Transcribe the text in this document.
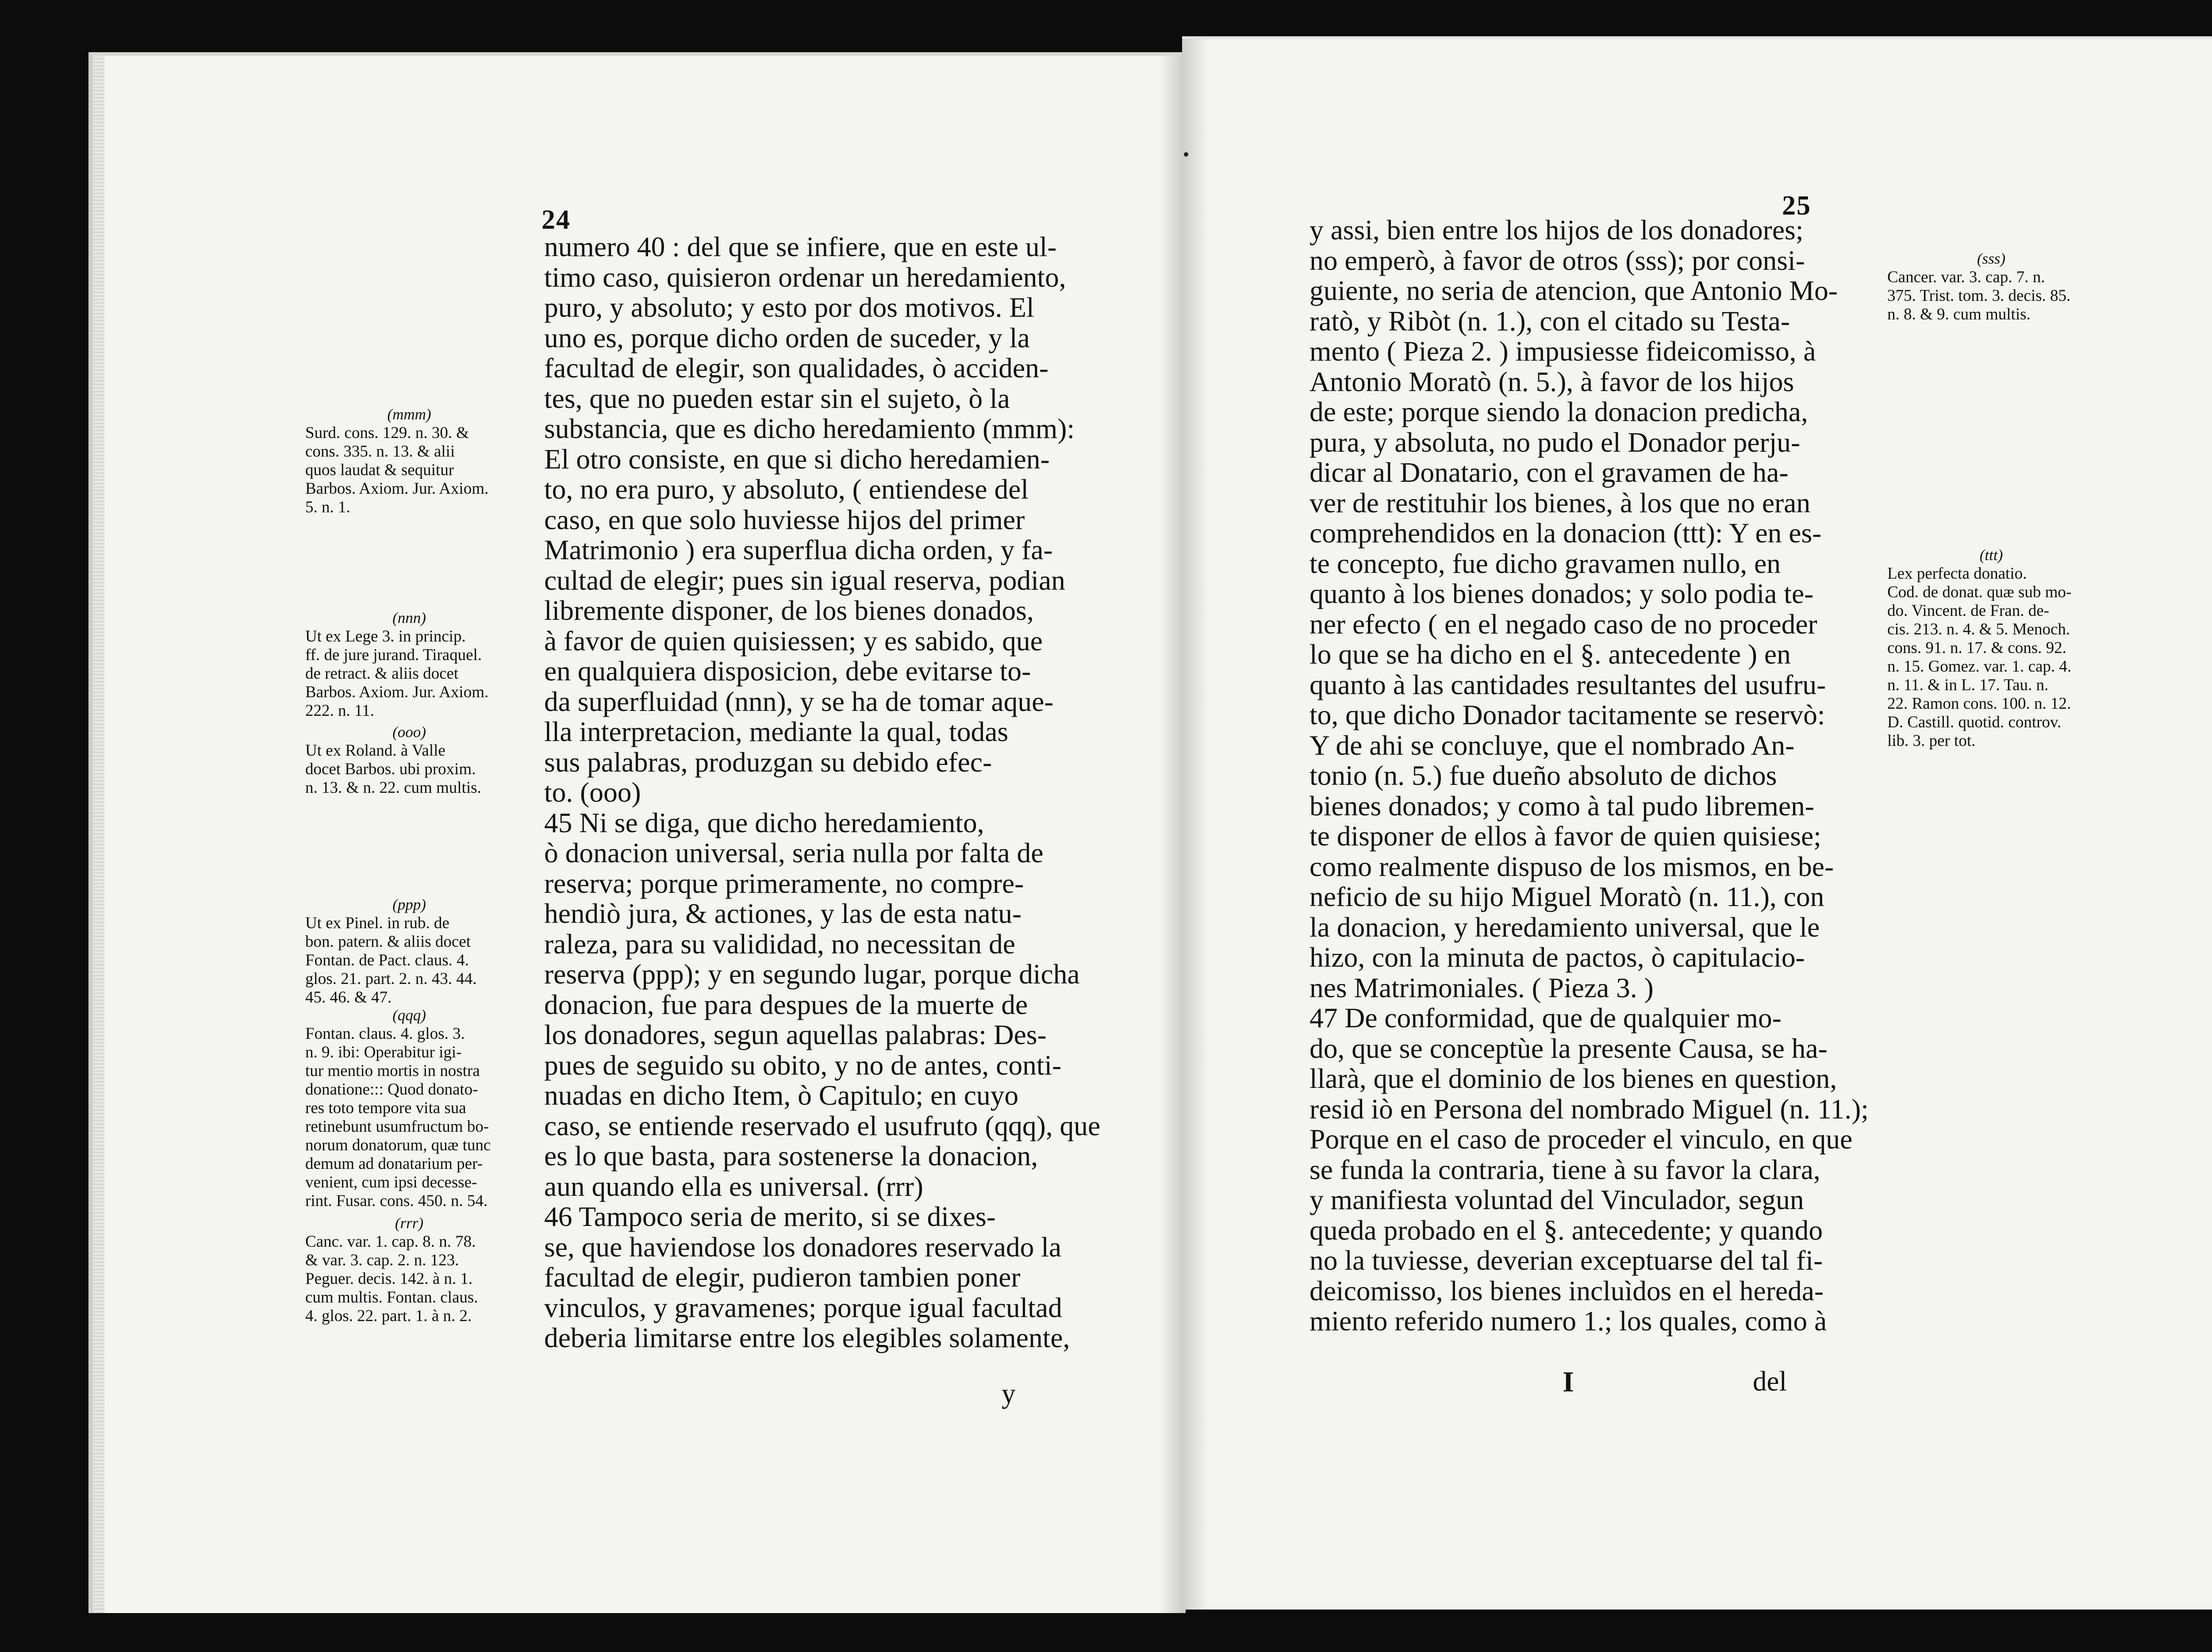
24
numero 40 : del que se infiere, que en este ul-
timo caso, quisieron ordenar un heredamiento,
puro, y absoluto; y esto por dos motivos. El
uno es, porque dicho orden de suceder, y la
facultad de elegir, son qualidades, ò acciden-
tes, que no pueden estar sin el sujeto, ò la
substancia, que es dicho heredamiento (mmm):
El otro consiste, en que si dicho heredamien-
to, no era puro, y absoluto, ( entiendese del
caso, en que solo huviesse hijos del primer
Matrimonio ) era superflua dicha orden, y fa-
cultad de elegir; pues sin igual reserva, podian
libremente disponer, de los bienes donados,
à favor de quien quisiessen; y es sabido, que
en qualquiera disposicion, debe evitarse to-
da superfluidad (nnn), y se ha de tomar aque-
lla interpretacion, mediante la qual, todas
sus palabras, produzgan su debido efec-
to. (ooo)
45 Ni se diga, que dicho heredamiento,
ò donacion universal, seria nulla por falta de
reserva; porque primeramente, no compre-
hendiò jura, & actiones, y las de esta natu-
raleza, para su valididad, no necessitan de
reserva (ppp); y en segundo lugar, porque dicha
donacion, fue para despues de la muerte de
los donadores, segun aquellas palabras: Des-
pues de seguido su obito, y no de antes, conti-
nuadas en dicho Item, ò Capitulo; en cuyo
caso, se entiende reservado el usufruto (qqq), que
es lo que basta, para sostenerse la donacion,
aun quando ella es universal. (rrr)
46 Tampoco seria de merito, si se dixes-
se, que haviendose los donadores reservado la
facultad de elegir, pudieron tambien poner
vinculos, y gravamenes; porque igual facultad
deberia limitarse entre los elegibles solamente,
y
(mmm)
Surd. cons. 129. n. 30. &
cons. 335. n. 13. & alii
quos laudat & sequitur
Barbos. Axiom. Jur. Axiom.
5. n. 1.
(nnn)
Ut ex Lege 3. in princip.
ff. de jure jurand. Tiraquel.
de retract. & aliis docet
Barbos. Axiom. Jur. Axiom.
222. n. 11.
(ooo)
Ut ex Roland. à Valle
docet Barbos. ubi proxim.
n. 13. & n. 22. cum multis.
(ppp)
Ut ex Pinel. in rub. de
bon. patern. & aliis docet
Fontan. de Pact. claus. 4.
glos. 21. part. 2. n. 43. 44.
45. 46. & 47.
(qqq)
Fontan. claus. 4. glos. 3.
n. 9. ibi: Operabitur igi-
tur mentio mortis in nostra
donatione::: Quod donato-
res toto tempore vita sua
retinebunt usumfructum bo-
norum donatorum, quæ tunc
demum ad donatarium per-
venient, cum ipsi decesse-
rint. Fusar. cons. 450. n. 54.
(rrr)
Canc. var. 1. cap. 8. n. 78.
& var. 3. cap. 2. n. 123.
Peguer. decis. 142. à n. 1.
cum multis. Fontan. claus.
4. glos. 22. part. 1. à n. 2.
25
y assi, bien entre los hijos de los donadores;
no emperò, à favor de otros (sss); por consi-
guiente, no seria de atencion, que Antonio Mo-
ratò, y Ribòt (n. 1.), con el citado su Testa-
mento ( Pieza 2. ) impusiesse fideicomisso, à
Antonio Moratò (n. 5.), à favor de los hijos
de este; porque siendo la donacion predicha,
pura, y absoluta, no pudo el Donador perju-
dicar al Donatario, con el gravamen de ha-
ver de restituhir los bienes, à los que no eran
comprehendidos en la donacion (ttt): Y en es-
te concepto, fue dicho gravamen nullo, en
quanto à los bienes donados; y solo podia te-
ner efecto ( en el negado caso de no proceder
lo que se ha dicho en el §. antecedente ) en
quanto à las cantidades resultantes del usufru-
to, que dicho Donador tacitamente se reservò:
Y de ahi se concluye, que el nombrado An-
tonio (n. 5.) fue dueño absoluto de dichos
bienes donados; y como à tal pudo libremen-
te disponer de ellos à favor de quien quisiese;
como realmente dispuso de los mismos, en be-
neficio de su hijo Miguel Moratò (n. 11.), con
la donacion, y heredamiento universal, que le
hizo, con la minuta de pactos, ò capitulacio-
nes Matrimoniales. ( Pieza 3. )
47 De conformidad, que de qualquier mo-
do, que se conceptùe la presente Causa, se ha-
llarà, que el dominio de los bienes en question,
resid iò en Persona del nombrado Miguel (n. 11.);
Porque en el caso de proceder el vinculo, en que
se funda la contraria, tiene à su favor la clara,
y manifiesta voluntad del Vinculador, segun
queda probado en el §. antecedente; y quando
no la tuviesse, deverian exceptuarse del tal fi-
deicomisso, los bienes incluìdos en el hereda-
miento referido numero 1.; los quales, como à
I	del
(sss)
Cancer. var. 3. cap. 7. n.
375. Trist. tom. 3. decis. 85.
n. 8. & 9. cum multis.
(ttt)
Lex perfecta donatio.
Cod. de donat. quæ sub mo-
do. Vincent. de Fran. de-
cis. 213. n. 4. & 5. Menoch.
cons. 91. n. 17. & cons. 92.
n. 15. Gomez. var. 1. cap. 4.
n. 11. & in L. 17. Tau. n.
22. Ramon cons. 100. n. 12.
D. Castill. quotid. controv.
lib. 3. per tot.
